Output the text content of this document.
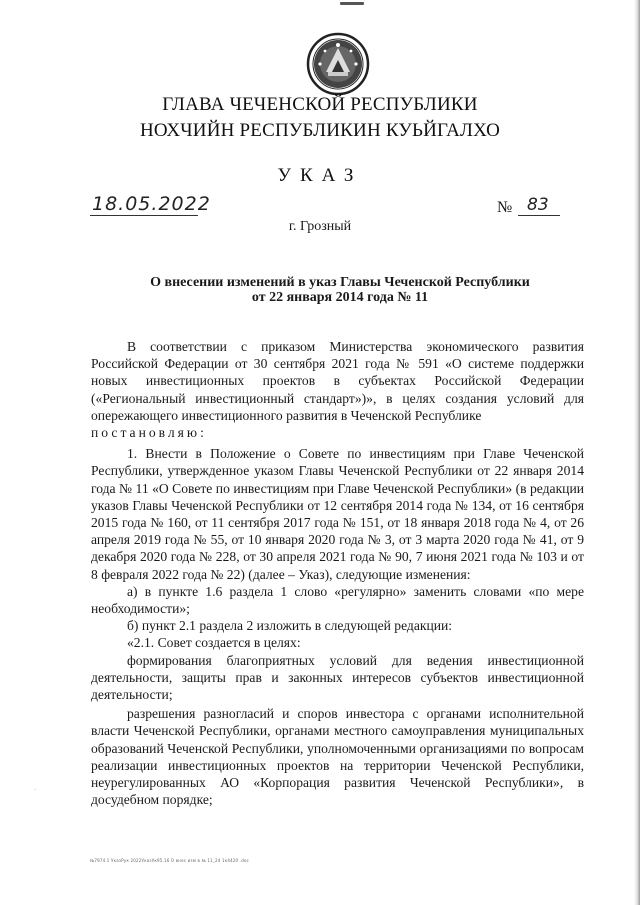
ГЛАВА ЧЕЧЕНСКОЙ РЕСПУБЛИКИ
НОХЧИЙН РЕСПУБЛИКИН КУЬЙГАЛХО
УКАЗ
18.05.2022	№ 83
г. Грозный
О внесении изменений в указ Главы Чеченской Республики
от 22 января 2014 года № 11

В соответствии с приказом Министерства экономического развития Российской Федерации от 30 сентября 2021 года № 591 «О системе поддержки новых инвестиционных проектов в субъектах Российской Федерации («Региональный инвестиционный стандарт»)», в целях создания условий для опережающего инвестиционного развития в Чеченской Республике

постановляю:

1. Внести в Положение о Совете по инвестициям при Главе Чеченской Республики, утвержденное указом Главы Чеченской Республики от 22 января 2014 года № 11 «О Совете по инвестициям при Главе Чеченской Республики» (в редакции указов Главы Чеченской Республики от 12 сентября 2014 года № 134, от 16 сентября 2015 года № 160, от 11 сентября 2017 года № 151, от 18 января 2018 года № 4, от 26 апреля 2019 года № 55, от 10 января 2020 года № 3, от 3 марта 2020 года № 41, от 9 декабря 2020 года № 228, от 30 апреля 2021 года № 90, 7 июня 2021 года № 103 и от 8 февраля 2022 года № 22) (далее – Указ), следующие изменения:

а) в пункте 1.6 раздела 1 слово «регулярно» заменить словами «по мере необходимости»;

б) пункт 2.1 раздела 2 изложить в следующей редакции:

«2.1. Совет создается в целях:

формирования благоприятных условий для ведения инвестиционной деятельности, защиты прав и законных интересов субъектов инвестиционной деятельности;

разрешения разногласий и споров инвестора с органами исполнительной власти Чеченской Республики, органами местного самоуправления муниципальных образований Чеченской Республики, уполномоченными организациями по вопросам реализации инвестиционных проектов на территории Чеченской Республики, неурегулированных АО «Корпорация развития Чеченской Республики», в досудебном порядке;

·
№7974.1 УказРук 2022УказУк95.16 О внес изм в № 11_24 1к4420 .doc
